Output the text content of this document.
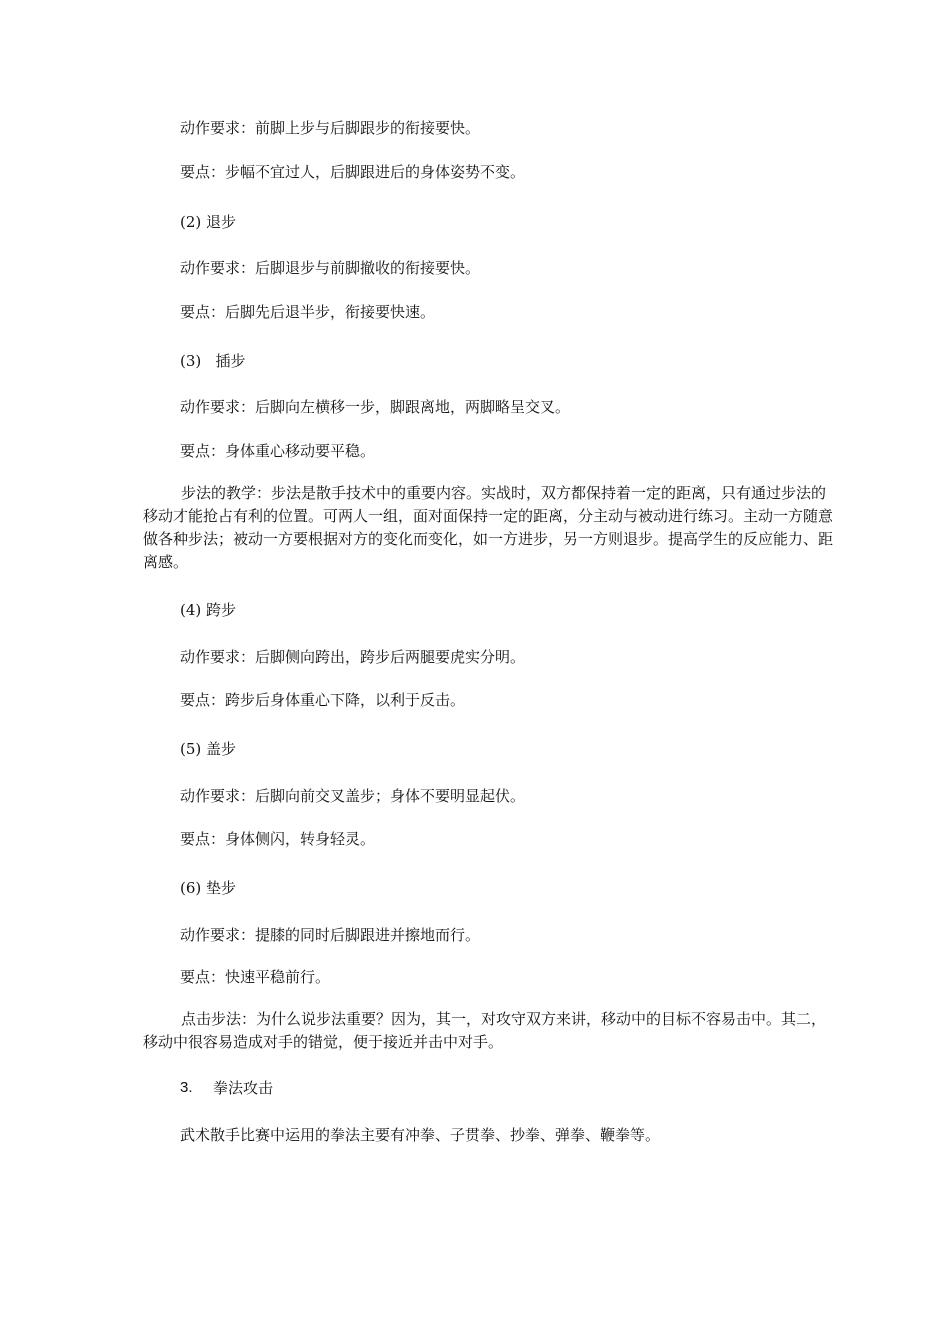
动作要求：前脚上步与后脚跟步的衔接要快。
要点：步幅不宜过人，后脚跟进后的身体姿势不变。
(2) 退步
动作要求：后脚退步与前脚撤收的衔接要快。
要点：后脚先后退半步，衔接要快速。
(3)   插步
动作要求：后脚向左横移一步，脚跟离地，两脚略呈交叉。
要点：身体重心移动要平稳。

步法的教学：步法是散手技术中的重要内容。实战时，双方都保持着一定的距离，只有通过步法的移动才能抢占有利的位置。可两人一组，面对面保持一定的距离，分主动与被动进行练习。主动一方随意做各种步法；被动一方要根据对方的变化而变化，如一方进步，另一方则退步。提高学生的反应能力、距离感。

(4) 跨步
动作要求：后脚侧向跨出，跨步后两腿要虎实分明。
要点：跨步后身体重心下降，以利于反击。
(5) 盖步
动作要求：后脚向前交叉盖步；身体不要明显起伏。
要点：身体侧闪，转身轻灵。
(6) 垫步
动作要求：提膝的同时后脚跟进并擦地而行。
要点：快速平稳前行。

点击步法：为什么说步法重要？因为，其一，对攻守双方来讲，移动中的目标不容易击中。其二，移动中很容易造成对手的错觉，便于接近并击中对手。

3. 拳法攻击
武术散手比赛中运用的拳法主要有冲拳、子贯拳、抄拳、弹拳、鞭拳等。
